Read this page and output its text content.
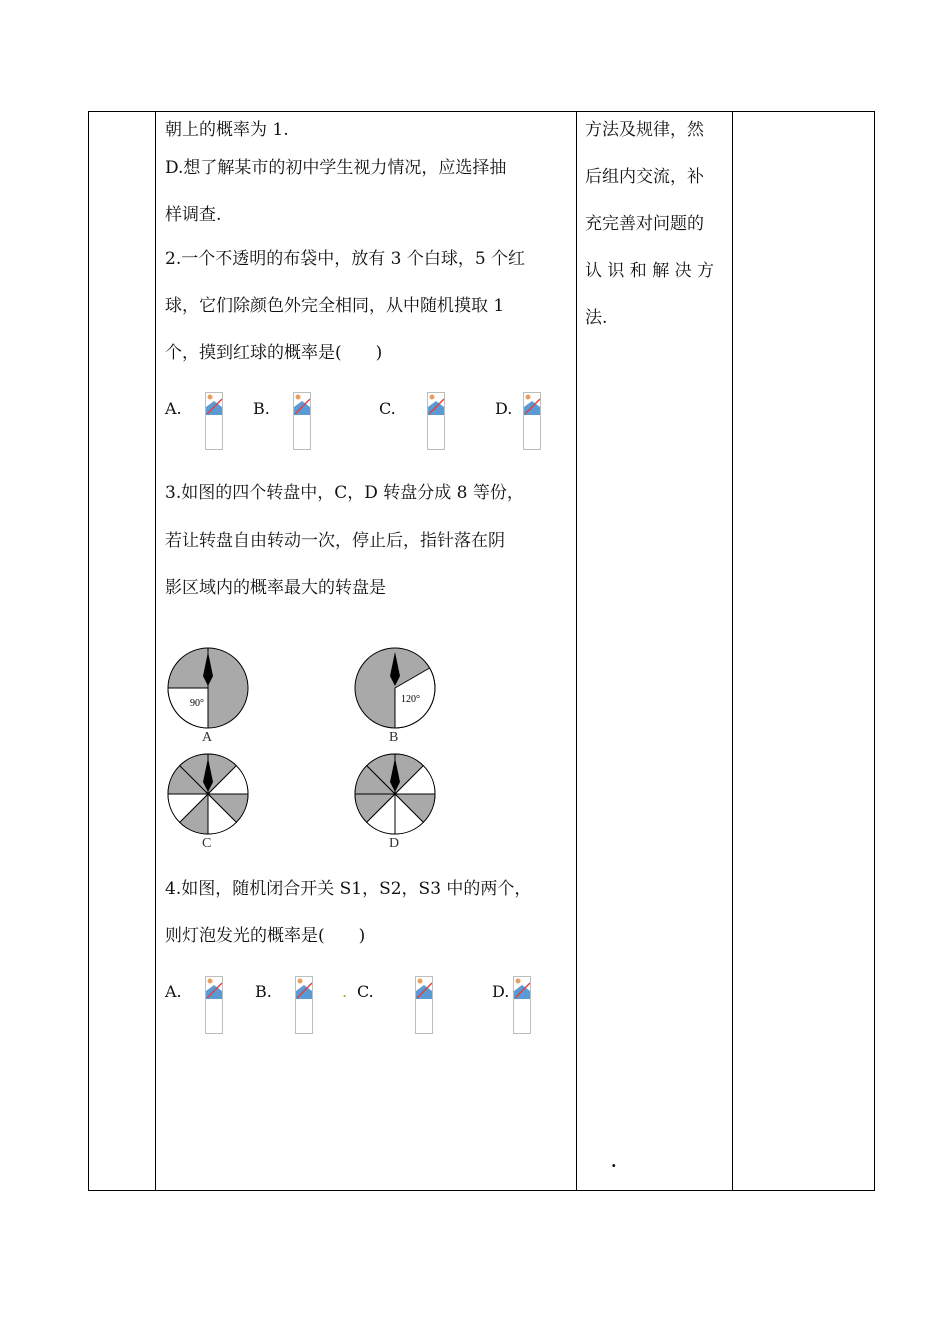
朝上的概率为 1.
D.想了解某市的初中学生视力情况，应选择抽
样调查.
2.一个不透明的布袋中，放有 3 个白球，5 个红
球，它们除颜色外完全相同，从中随机摸取 1
个，摸到红球的概率是(　　)
A.	B.	C.	D.
3.如图的四个转盘中，C，D 转盘分成 8 等份，
若让转盘自由转动一次，停止后，指针落在阴
影区域内的概率最大的转盘是
90°
A
120°
B
C	D
4.如图，随机闭合开关 S1，S2，S3 中的两个，
则灯泡发光的概率是(　　)
A.	B.	. C.	D.
方法及规律，然
后组内交流，补
充完善对问题的
认 识 和 解 决 方
法.
.
